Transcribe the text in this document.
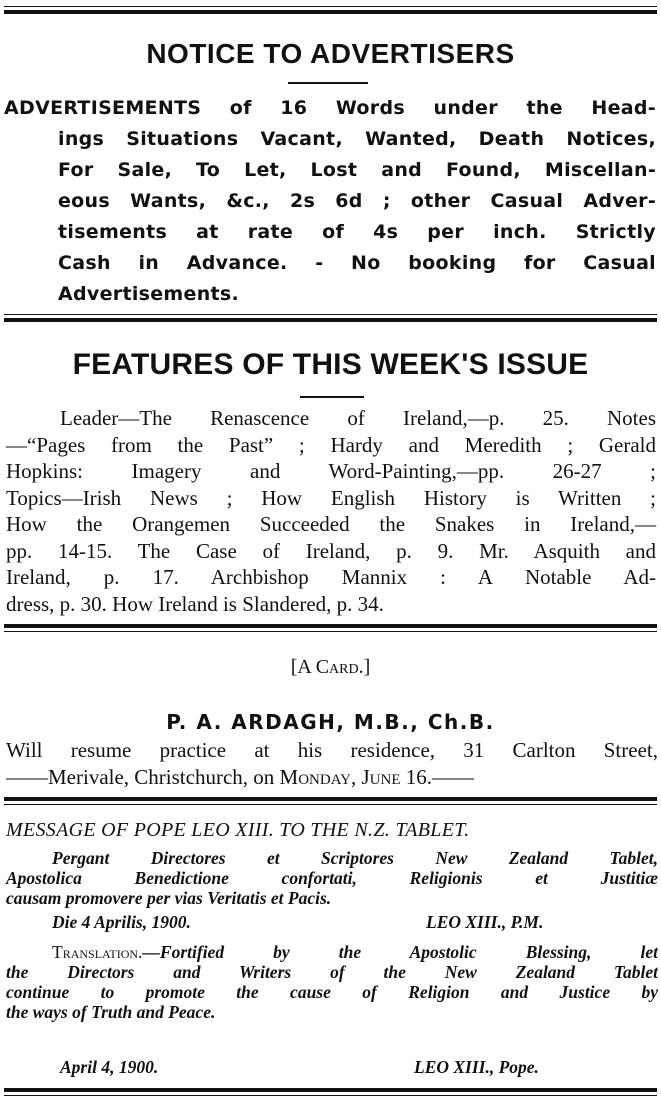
NOTICE TO ADVERTISERS
ADVERTISEMENTS of 16 Words under the Head-
ings Situations Vacant, Wanted, Death Notices,
For Sale, To Let, Lost and Found, Miscellan-
eous Wants, &c., 2s 6d ; other Casual Adver-
tisements at rate of 4s per inch. Strictly
Cash in Advance. - No booking for Casual
Advertisements.
FEATURES OF THIS WEEK'S ISSUE
Leader—The Renascence of Ireland,—p. 25. Notes
—“Pages from the Past” ; Hardy and Meredith ; Gerald
Hopkins: Imagery and Word-Painting,—pp. 26-27 ;
Topics—Irish News ; How English History is Written ;
How the Orangemen Succeeded the Snakes in Ireland,—
pp. 14-15. The Case of Ireland, p. 9. Mr. Asquith and
Ireland, p. 17. Archbishop Mannix : A Notable Ad-
dress, p. 30. How Ireland is Slandered, p. 34.
[A Card.]
P. A. ARDAGH, M.B., Ch.B.
Will resume practice at his residence, 31 Carlton Street,
——Merivale, Christchurch, on Monday, June 16.——
MESSAGE OF POPE LEO XIII. TO THE N.Z. TABLET.
Pergant Directores et Scriptores New Zealand Tablet,
Apostolica Benedictione confortati, Religionis et Justitiæ
causam promovere per vias Veritatis et Pacis.
Die 4 Aprilis, 1900.	LEO XIII., P.M.
Translation.—Fortified by the Apostolic Blessing, let
the Directors and Writers of the New Zealand Tablet
continue to promote the cause of Religion and Justice by
the ways of Truth and Peace.
April 4, 1900.	LEO XIII., Pope.
